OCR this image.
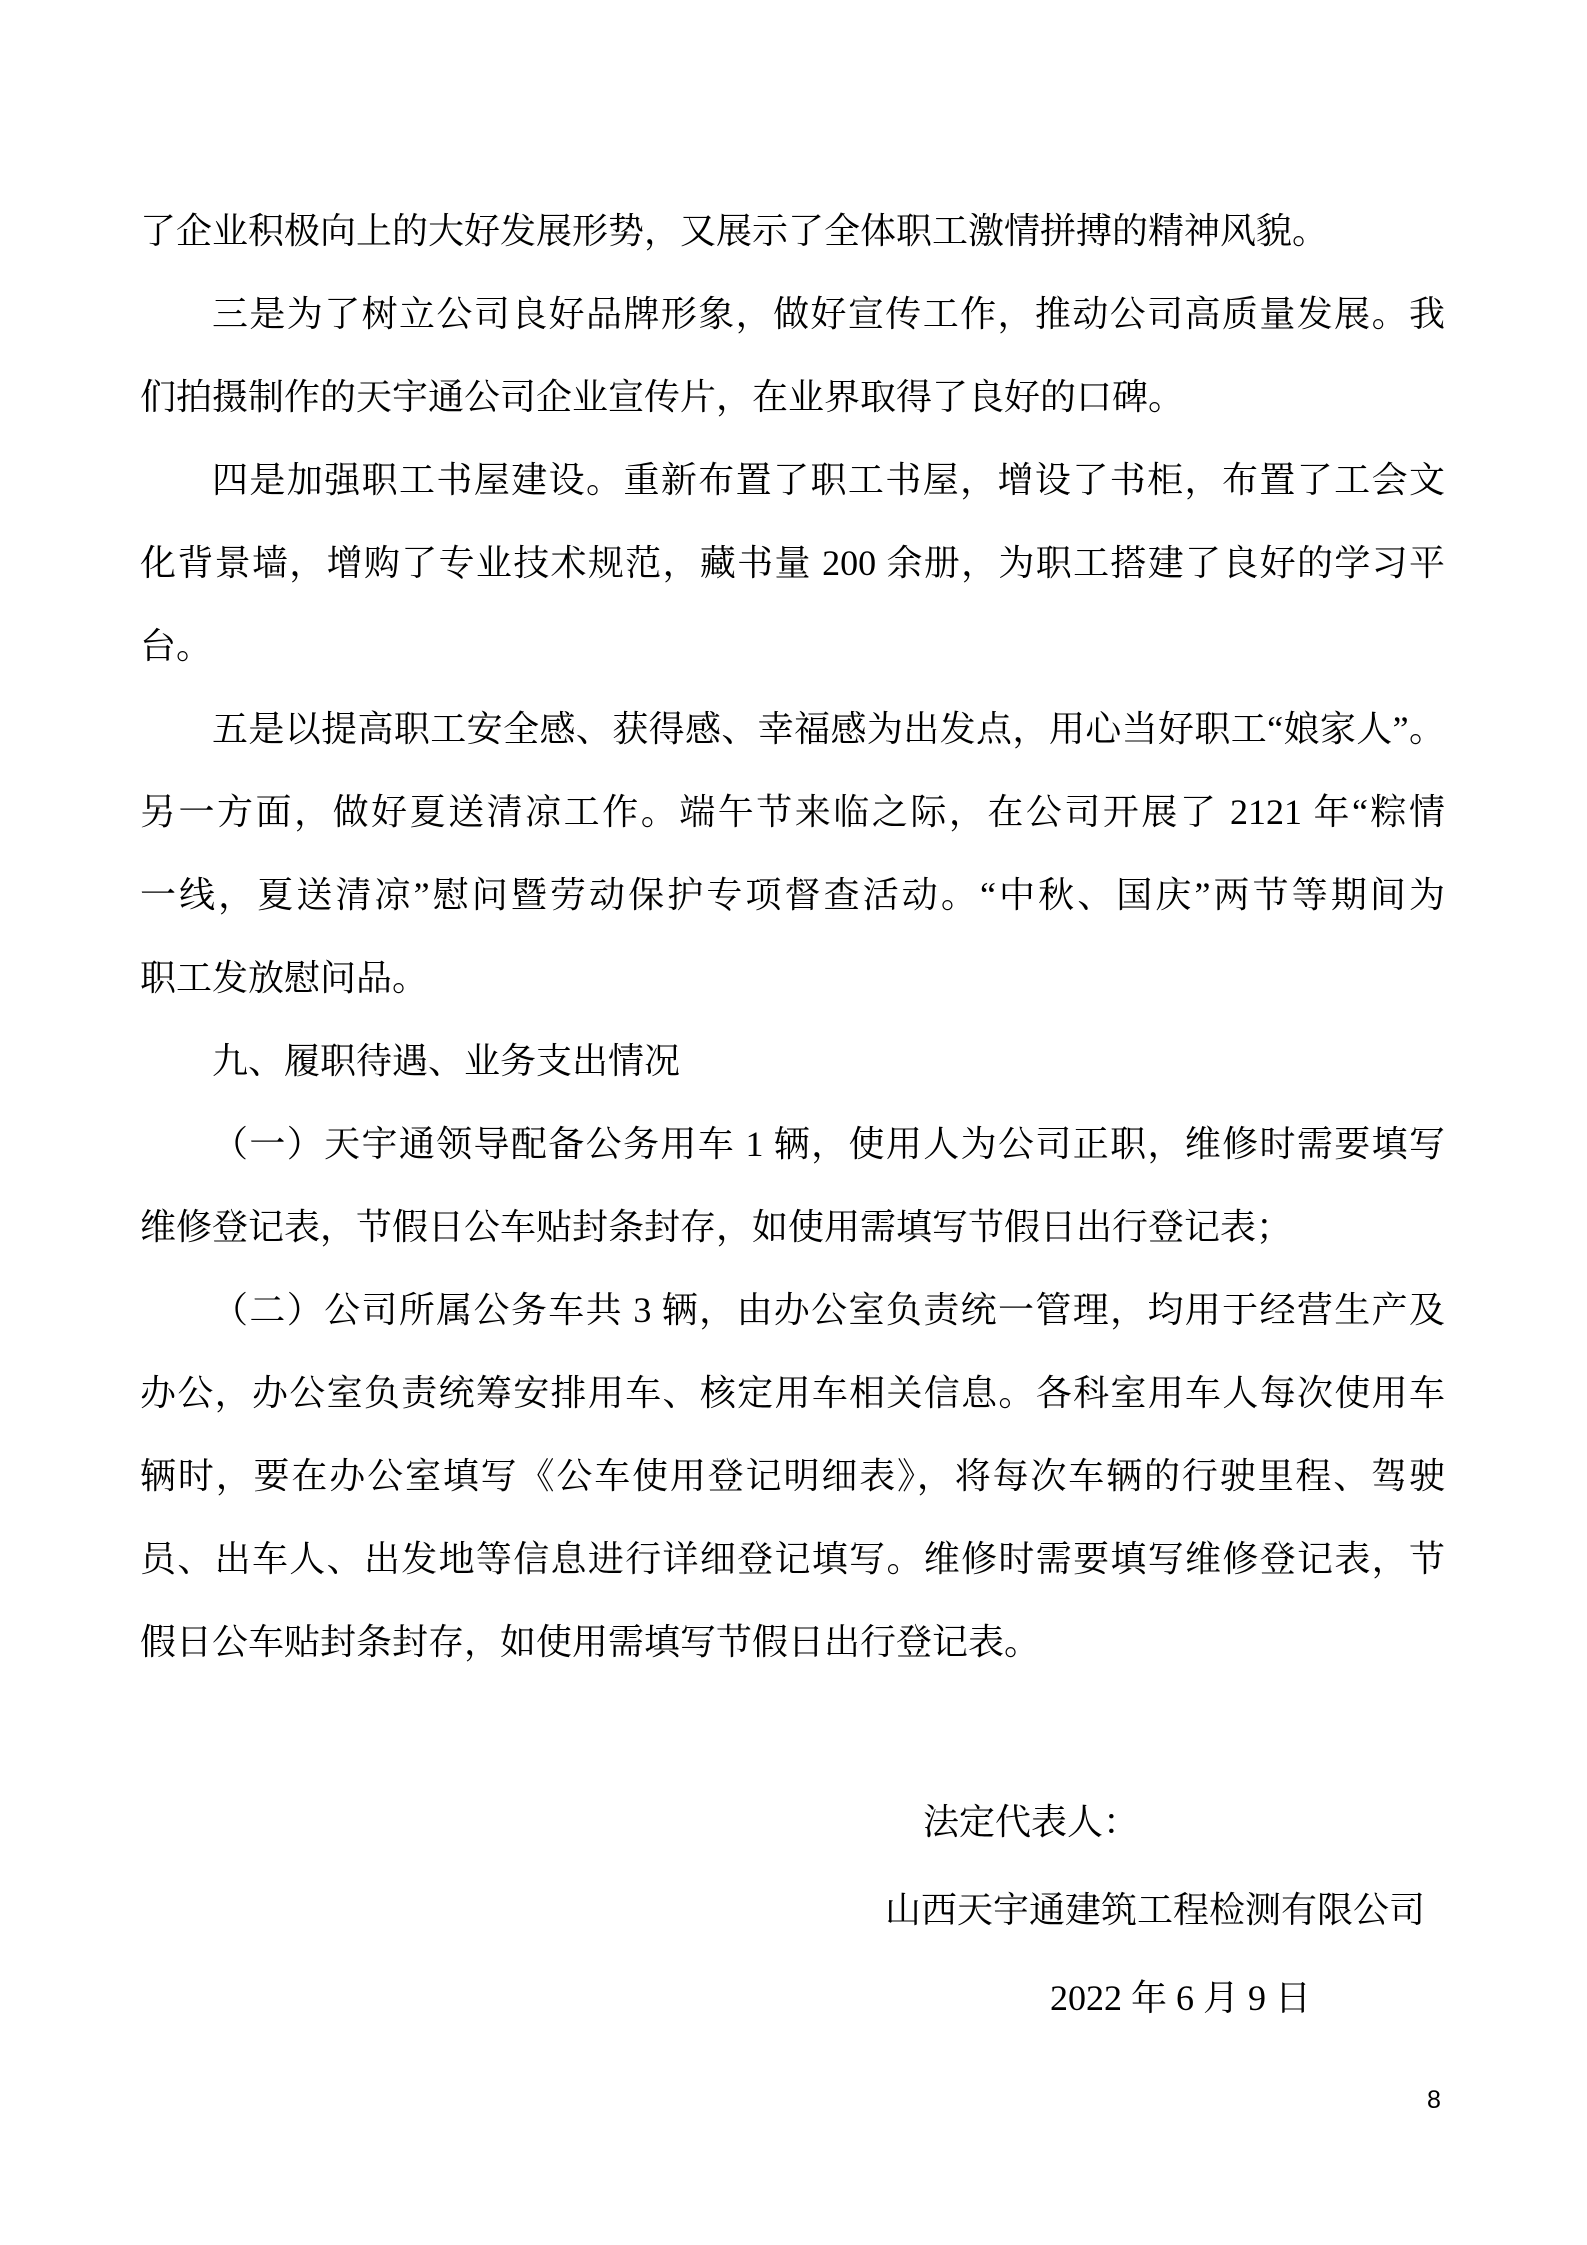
了企业积极向上的大好发展形势，又展示了全体职工激情拼搏的精神风貌。
三是为了树立公司良好品牌形象，做好宣传工作，推动公司高质量发展。我
们拍摄制作的天宇通公司企业宣传片，在业界取得了良好的口碑。
四是加强职工书屋建设。重新布置了职工书屋，增设了书柜，布置了工会文
化背景墙，增购了专业技术规范，藏书量 200 余册，为职工搭建了良好的学习平
台。
五是以提高职工安全感、获得感、幸福感为出发点，用心当好职工“娘家人”。
另一方面，做好夏送清凉工作。端午节来临之际，在公司开展了 2121 年“粽情
一线，夏送清凉”慰问暨劳动保护专项督查活动。“中秋、国庆”两节等期间为
职工发放慰问品。
九、履职待遇、业务支出情况
（一）天宇通领导配备公务用车 1 辆，使用人为公司正职，维修时需要填写
维修登记表，节假日公车贴封条封存，如使用需填写节假日出行登记表；
（二）公司所属公务车共 3 辆，由办公室负责统一管理，均用于经营生产及
办公，办公室负责统筹安排用车、核定用车相关信息。各科室用车人每次使用车
辆时，要在办公室填写《公车使用登记明细表》，将每次车辆的行驶里程、驾驶
员、出车人、出发地等信息进行详细登记填写。维修时需要填写维修登记表，节
假日公车贴封条封存，如使用需填写节假日出行登记表。
法定代表人：
山西天宇通建筑工程检测有限公司
2022 年 6 月 9 日
8
